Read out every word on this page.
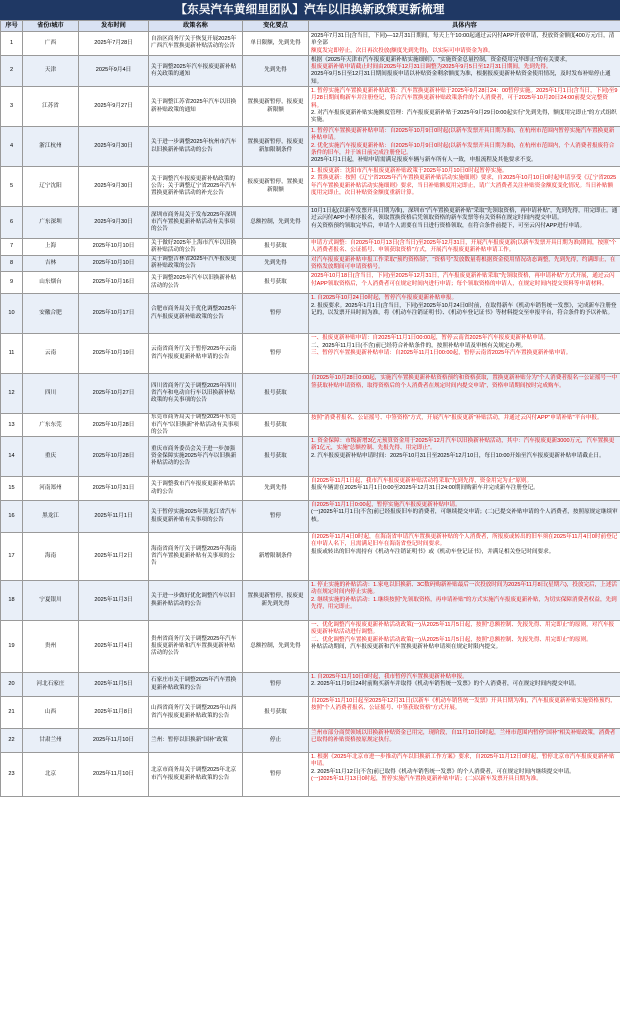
【东吴汽车黄细里团队】汽车以旧换新政策更新梳理
序号	省份/城市	发布时间	政策名称	变化要点	具体内容
1	广西	2025年7月28日	自治区商务厅关于恢复开展2025年广西汽车置换更新补贴活动的公告	单日限额，先到先得	2025年7月31日(含当日，下同)—12月31日期间，每天上午10:00起通过云闪付APP开放申请，投放资金额度400万元/日，清单全部
额度发完即停止，次日再次投放(额度先到先得)，以实际可申请资金为准。

2	天津	2025年9月4日	关于调整2025年汽车报废更新补贴有关政策的通知	先到先得	根据《2025年天津市汽车报废更新补贴实施细则》，"实施资金总量控制，资金使用完毕即止"的有关要求，
报废更新补贴申请截止时间由2025年12月31日调整为2025年9月5日至12月31日期间，先到先得。
2025年9月5日至12月31日期间报废申请以补贴资金剩余额度为准，根据报废更新补贴资金使用情况，及时发布补贴停止通知。

3	江苏省	2025年9月27日	关于调整江苏省2025年汽车以旧换新补贴政策的通知	置换更新暂停，报废更新限额	1. 暂停实施汽车置换更新补贴政策：汽车置换更新补贴于2025年9月28日24：00暂停实施。2025年1月1日(含当日，下同)至9月28日期间购新车并注册登记，符合汽车置换更新补贴政策条件的个人消费者，可于2025年10月20日24:00前提交完整资料。
2. 对汽车报废更新补贴实施额度管理：汽车报废更新补贴于2025年9月29日0:00起实行"先到先得，额度用完即止"的方式组织实施。

4	浙江杭州	2025年9月30日	关于进一步调整2025年杭州市汽车以旧换新补贴活动的公告	置换更新暂停，报废更新加限制条件	1. 暂停汽车置换更新补贴申请：自2025年10月9日0时起(以新车发票开具日期为准)，在杭州市范围内暂停实施汽车置换更新补贴申请。
2. 优化实施汽车报废更新补贴：自2025年10月9日0时起(以新车发票开具日期为准)，在杭州市范围内，个人消费者报废符合条件的旧车，并于该日前完成注册登记。
2025年1月1日起，补贴申请需满足报废车辆与新车所有人一致，申报流程及其他要求不变。

5	辽宁沈阳	2025年9月30日	关于调整汽车报废更新补贴政策的公告；关于调整辽宁省2025年汽车置换更新补贴活动的补充公告	报废更新暂停，置换更新限额	1. 报废更新：沈阳市汽车报废更新补贴政策于2025年10月10日0时起暂停实施。
2. 置换更新：按照《辽宁省2025年汽车置换更新补贴活动实施细则》要求，自2025年10月10日0时起申请享受《辽宁省2025年汽车置换更新补贴活动实施细则》要求，当日补贴额度用完即止，请广大消费者关注补贴资金额度变化情况。当日补贴额度用完即止，次日补贴资金额度重新计算。

6	广东深圳	2025年9月30日	深圳市商务局关于发布2025年深圳市汽车置换更新补贴活动有关事项的公告	总额控制，先到先得	10月1日起(以新车发票开具日期为准)，深圳市"汽车置换更新补贴"采取"先领取资格，再申请补贴"，先到先得，用完即止。通过云闪付APP小程序报名，领取置换资格后凭领取资格的新车发票等有关资料在规定时间内提交申请。
有关资格预约领取完毕后，申请个人需要在当日进行资格领取，在符合条件前提下，可至云闪付APP进行申请。

7	上海	2025年10月10日	关于做好2025年上海市汽车以旧换新补贴活动的公告	报号获取	申请方式调整：自2025年10月13日(含当日)至2025年12月31日，开展汽车报废更新(以新车发票开具日期为准)期间，按照"个人消费者报名、公证摇号、申领获取资格"方式，开展汽车报废更新补贴申请工作。

8	吉林	2025年10月10日	关于调整吉林省2025年汽车报废更新补贴政策的公告	先到先得	对汽车报废更新补贴申报工作采取"预约资格制"，"资格号"发放数量将根据资金使用情况动态调整，先到先得，约满即止，在资格发放期间可申请资格号。

9	山东烟台	2025年10月16日	关于调整2025年汽车以旧换新补贴活动的公告	报号获取	2025年10月18日(含当日，下同)至2025年12月31日，汽车报废更新补贴采取"先领取资格，再申请补贴"方式开展，通过云闪付APP领取资格后，个人消费者可在规定时间内进行申请；每个领取资格的申请人，在规定时间内提交资料等申请材料。

10	安徽合肥	2025年10月17日	合肥市商务局关于优化调整2025年汽车报废更新补贴政策的公告	暂停	1. 自2025年10月24日0时起，暂停汽车报废更新补贴申报。
2. 报废要求。2025年1月1日(含当日，下同)至2025年10月24日0时前，在取得新车《机动车销售统一发票》，完成新车注册登记的，以发票开具时间为准，将《机动车注销证明书》、《机动车登记证书》等材料提交至申报平台，符合条件的予以补贴。

11	云南	2025年10月19日	云南省商务厅关于暂停2025年云南省汽车报废更新补贴申请的公告	暂停	一、报废更新补贴申请：自2025年11月1日00:00起，暂停云南省2025年汽车报废更新补贴申请。
二、2025年11月1日(不含)前已经符合补贴条件的，按照补贴申请及审核有关规定办理。
三、暂停汽车置换更新补贴申请：自2025年11月1日00:00起，暂停云南省2025年汽车置换更新补贴申请。

12	四川	2025年10月27日	四川省商务厅关于调整2025年四川省汽车和电动自行车以旧换新补贴政策的有关事项的公告	报号获取	自2025年10月28日0:00起，实施汽车置换更新补贴资格预约和资格获取，置换更新补贴分为"个人消费者报名一公证摇号一中签获取补贴申请资格，取得资格后的个人消费者在规定时间内提交申请"，资格申请期间按时完成购车。

13	广东东莞	2025年10月28日	东莞市商务局关于调整2025年东莞市汽车"以旧换新"补贴活动有关事项的公告	报号获取	按照"消费者报名、公证摇号、中签资格"方式，开展汽车"报废更新"补贴活动，并通过云闪付APP"申请补贴"平台申报。

14	重庆	2025年10月28日	重庆市商务委员会关于进一步加强资金保障实施2025年汽车以旧换新补贴活动的公告	报号获取	1. 资金保障：市级新增3亿元预算资金用于2025年12月汽车以旧换新补贴活动，其中：汽车报废更新3000万元，汽车置换更新1亿元，实施"总额控制、先报先得、用完即止"。
2. 汽车报废更新补贴申请时间：2025年10月31日至2025年12月10日，每日10:00开始至汽车报废更新补贴申请截止日。

15	河南郑州	2025年10月31日	关于调整我市汽车报废更新补贴活动的公告	先到先得	自2025年11月1日起，我市汽车报废更新补贴活动将采取"先到先得，资金用完为止"原则。
报废车辆需在2025年11月1日0:00至2025年12月31日24:00期间购新车并完成新车注册登记。

16	黑龙江	2025年11月1日	关于暂停实施2025年黑龙江省汽车报废更新补贴有关事项的公告	暂停	自2025年11月1日0:00起，暂停实施汽车报废更新补贴申请。
(一)2025年11月1日(不含)前已经报废旧车的消费者，可继续提交申请；(二)已提交补贴申请的个人消费者，按照原规定继续审核。

17	海南	2025年11月2日	海南省商务厅关于调整2025年海南省汽车置换更新补贴有关事项的公告	新增限制条件	自2025年11月4日0时起，在海南省申请汽车置换更新补贴的个人消费者，所报废或转出的旧车须在2025年11月4日0时前登记在申请人名下，且需满足旧车在海南省登记时间要求。
报废或转出的旧车需持有《机动车注销证明书》或《机动车登记证书》，并满足相关登记时间要求。

18	宁夏银川	2025年11月3日	关于进一步做好优化调整汽车以旧换新补贴活动的公告	置换更新暂停，报废更新先到先得	1. 停止实施的补贴活动：1.家电以旧换新、3C数码购新补贴最后一次投放时间为2025年11月8日(星期六)，投放完后，上述活动在规定时间内停止实施。
2. 继续实施的补贴活动：1.继续按照"先领取资格，再申请补贴"的方式实施汽车报废更新补贴，为切实保障消费者权益，先到先得，用完即止。

19	贵州	2025年11月4日	贵州省商务厅关于调整2025年汽车报废更新补贴和汽车置换更新补贴活动的公告	总额控制，先到先得	一、优化调整汽车报废更新补贴活动政策(一)从2025年11月5日起，按照"总额控制、先报先得、用完即止"的原则，对汽车报废更新补贴活动进行调整。
二、优化调整汽车置换更新补贴活动政策(一)从2025年11月5日起，按照"总额控制、先报先得、用完即止"的原则。
补贴活动期间，汽车报废更新和汽车置换更新补贴申请须在规定时限内提交。

20	河北石家庄	2025年11月5日	石家庄市关于调整2025年汽车置换更新补贴政策的公告	暂停	1. 自2025年11月10日0时起，我市暂停汽车置换更新补贴申报。
2. 2025年11月9日24时前购买新车并取得《机动车销售统一发票》的个人消费者，可在规定时间内提交申请。

21	山西	2025年11月8日	山西省商务厅关于调整2025年山西省汽车报废更新补贴政策的公告	报号获取	自2025年11月10日起至2025年12月31日(以新车《机动车销售统一发票》开具日期为准)，汽车报废更新补贴实施资格预约，按照"个人消费者报名、公证摇号、中签获取资格"方式开展。

22	甘肃兰州	2025年11月10日	兰州：暂停以旧换新"国补"政策	停止	兰州市部分商贸领域以旧换新补贴资金已用完，现阶段，自11月10日0时起，兰州市范围内暂停"国补"相关补贴政策，消费者已取得的补贴资格按原规定执行。

23	北京	2025年11月10日	北京市商务局关于调整2025年北京市汽车报废更新补贴政策的公告	暂停	1. 根据《2025年北京市进一步推动汽车以旧换新工作方案》要求，自2025年11月12日0时起，暂停北京市汽车报废更新补贴申请。
2. 2025年11月12日(不含)前已取得《机动车销售统一发票》的个人消费者，可在规定时间内继续提交申请。
(一)2025年11月13日0时起，暂停实施汽车置换更新补贴申请；(二)以新车发票开具日期为准。
